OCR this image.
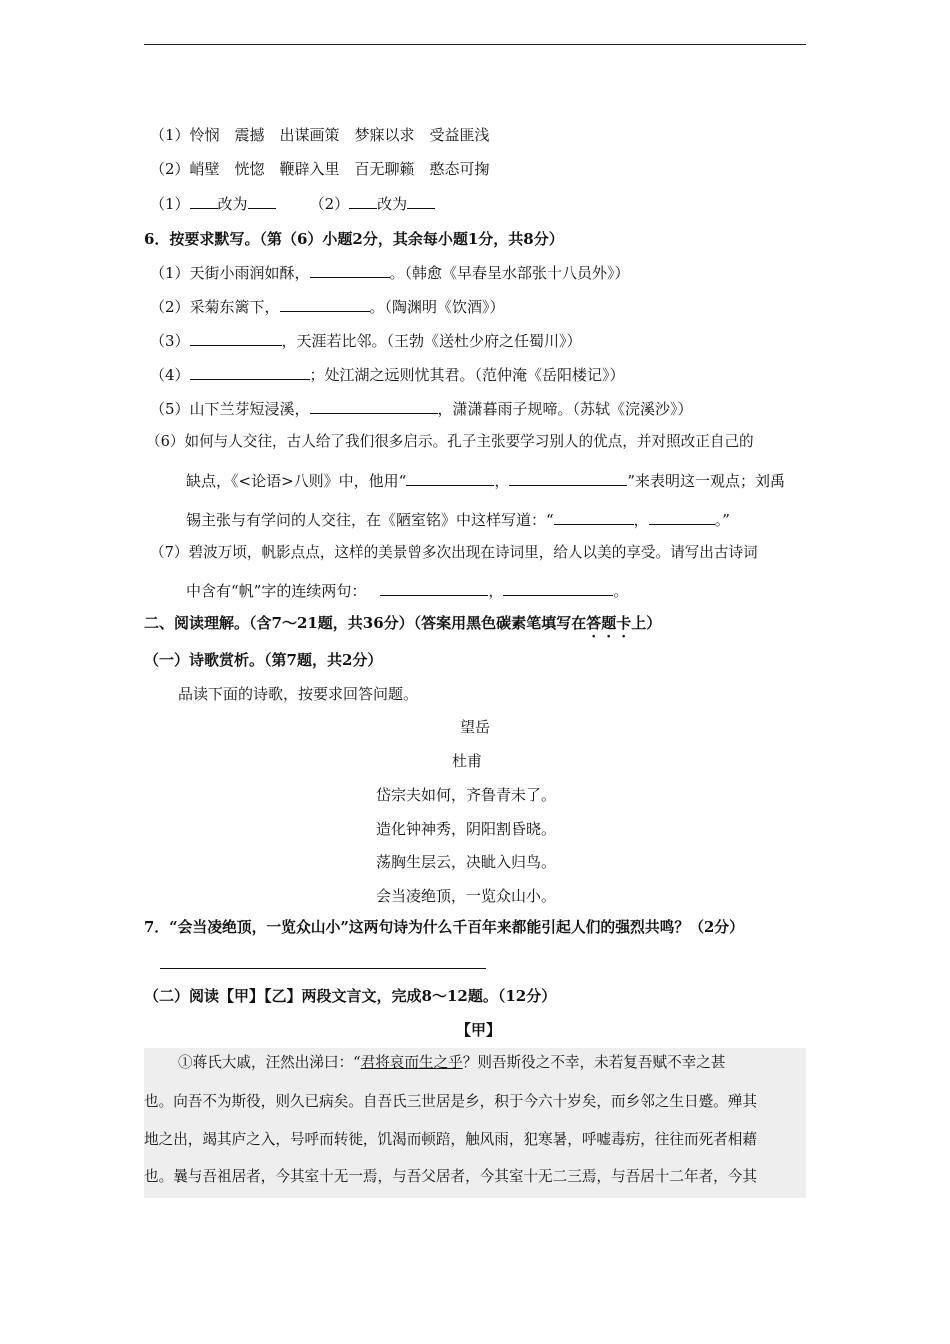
（1）怜悯　震撼　出谋画策　梦寐以求　受益匪浅
（2）峭壁　恍惚　鞭辟入里　百无聊籁　憨态可掬
（1） 改为	（2） 改为
6．按要求默写。（第（6）小题2分，其余每小题1分，共8分）
（1）天街小雨润如酥，	。（韩愈《早春呈水部张十八员外》）
（2）采菊东篱下，	。（陶渊明《饮酒》）
（3）	，天涯若比邻。（王勃《送杜少府之任蜀川》）
（4）	；处江湖之远则忧其君。（范仲淹《岳阳楼记》）
（5）山下兰芽短浸溪，	，潇潇暮雨子规啼。（苏轼《浣溪沙》）
（6）如何与人交往，古人给了我们很多启示。孔子主张要学习别人的优点，并对照改正自己的
缺点，《<论语>八则》中，他用“	，	”来表明这一观点；刘禹
锡主张与有学问的人交往，在《陋室铭》中这样写道：“	，	。”
（7）碧波万顷，帆影点点，这样的美景曾多次出现在诗词里，给人以美的享受。请写出古诗词
中含有“帆”字的连续两句：	，	。
二、阅读理解。（含7～21题，共36分）（答案用黑色碳素笔填写在答题卡上）
（一）诗歌赏析。（第7题，共2分）
品读下面的诗歌，按要求回答问题。
望岳
杜甫
岱宗夫如何，齐鲁青未了。
造化钟神秀，阴阳割昏晓。
荡胸生层云，决眦入归鸟。
会当凌绝顶，一览众山小。
7．“会当凌绝顶，一览众山小”这两句诗为什么千百年来都能引起人们的强烈共鸣？（2分）
（二）阅读【甲】【乙】两段文言文，完成8～12题。（12分）
【甲】
①蒋氏大戚，汪然出涕曰：“君将哀而生之乎？则吾斯役之不幸，未若复吾赋不幸之甚
也。向吾不为斯役，则久已病矣。自吾氏三世居是乡，积于今六十岁矣，而乡邻之生日蹙。殚其
地之出，竭其庐之入，号呼而转徙，饥渴而顿踣，触风雨，犯寒暑，呼嘘毒疠，往往而死者相藉
也。曩与吾祖居者，今其室十无一焉，与吾父居者，今其室十无二三焉，与吾居十二年者，今其
